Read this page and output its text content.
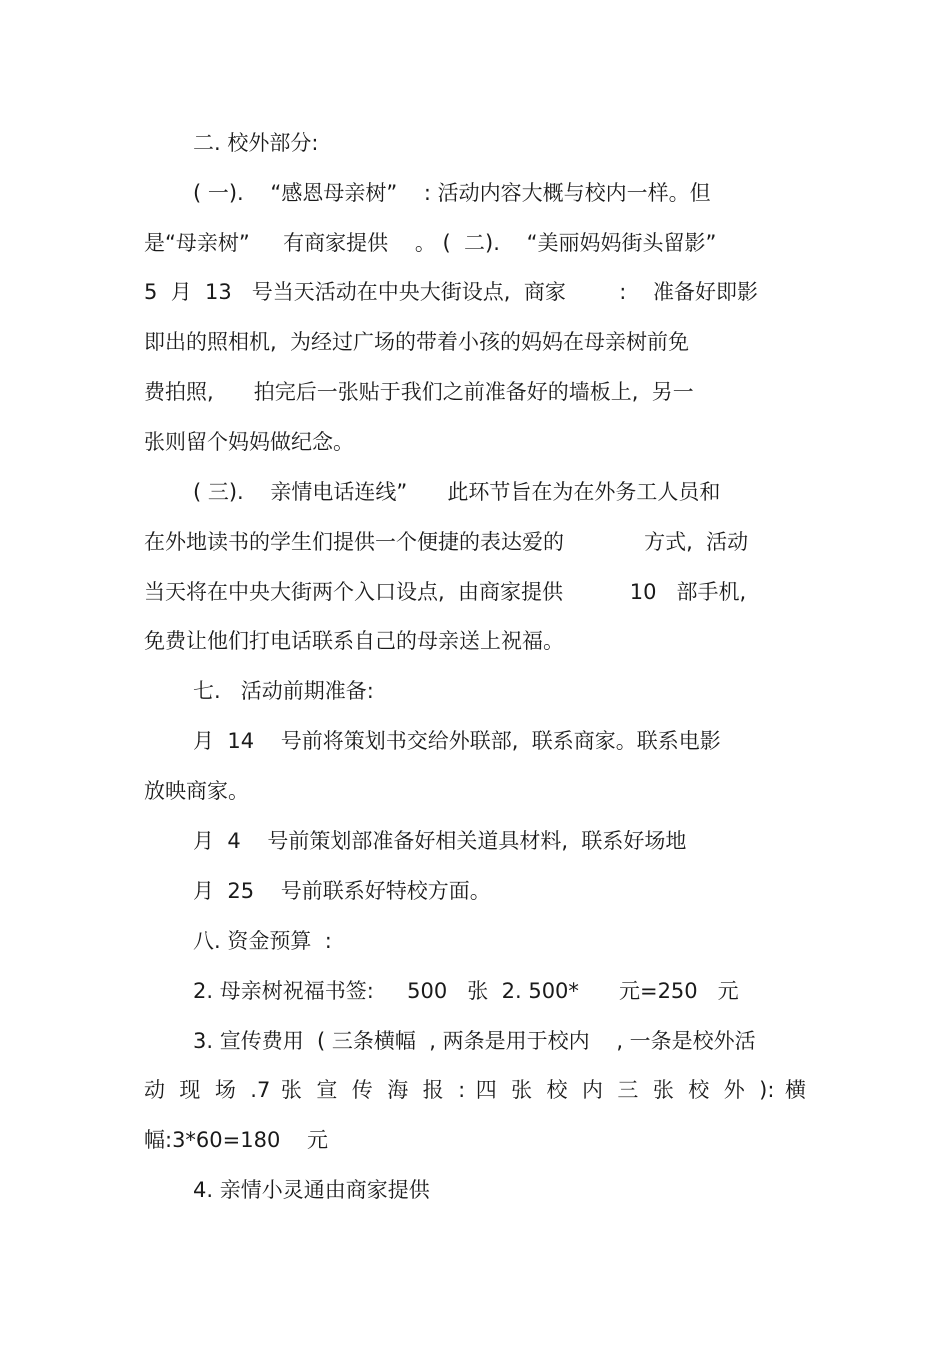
二. 校外部分:
( 一).    “感恩母亲树”    : 活动内容大概与校内一样。但
是“母亲树”     有商家提供    。 (  二).    “美丽妈妈街头留影”
5  月  13   号当天活动在中央大街设点,  商家        :    准备好即影
即出的照相机,  为经过广场的带着小孩的妈妈在母亲树前免
费拍照,      拍完后一张贴于我们之前准备好的墙板上,  另一
张则留个妈妈做纪念。
( 三).    亲情电话连线”      此环节旨在为在外务工人员和
在外地读书的学生们提供一个便捷的表达爱的            方式,  活动
当天将在中央大街两个入口设点,  由商家提供          10   部手机,
免费让他们打电话联系自己的母亲送上祝福。
七.   活动前期准备:
月  14    号前将策划书交给外联部,  联系商家。联系电影
放映商家。
月  4    号前策划部准备好相关道具材料,  联系好场地
月  25    号前联系好特校方面。
八. 资金预算  :
2. 母亲树祝福书签:     500   张  2. 500*      元=250   元
3. 宣传费用  ( 三条横幅  , 两条是用于校内    , 一条是校外活
动 现 场 .7 张 宣 传 海 报 : 四 张 校 内 三 张 校 外 ): 横
幅:3*60=180    元
4. 亲情小灵通由商家提供
